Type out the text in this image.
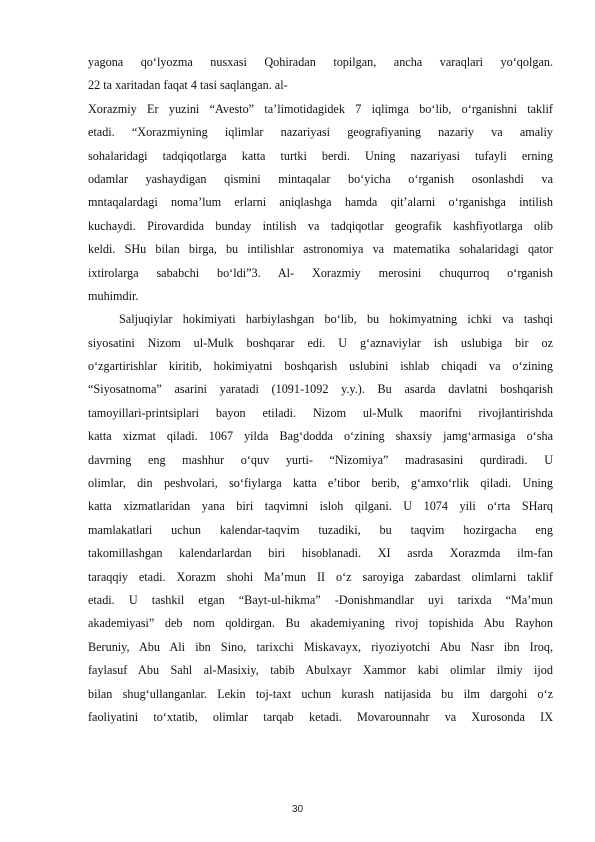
yagona qo‘lyozma nusxasi Qohiradan topilgan, ancha varaqlari yo‘qolgan.
22 ta xaritadan faqat 4 tasi saqlangan. al-
Xorazmiy Er yuzini “Avesto” ta’limotidagidek 7 iqlimga bo‘lib, o‘rganishni taklif
etadi. “Xorazmiyning iqlimlar nazariyasi geografiyaning nazariy va amaliy
sohalaridagi tadqiqotlarga katta turtki berdi. Uning nazariyasi tufayli erning
odamlar yashaydigan qismini mintaqalar bo‘yicha o‘rganish osonlashdi va
mntaqalardagi noma’lum erlarni aniqlashga hamda qit’alarni o‘rganishga intilish
kuchaydi. Pirovardida bunday intilish va tadqiqotlar geografik kashfiyotlarga olib
keldi. SHu bilan birga, bu intilishlar astronomiya va matematika sohalaridagi qator
ixtirolarga sababchi bo‘ldi”3. Al- Xorazmiy merosini chuqurroq o‘rganish
muhimdir.
Saljuqiylar hokimiyati harbiylashgan bo‘lib, bu hokimyatning ichki va tashqi
siyosatini Nizom ul-Mulk boshqarar edi. U g‘aznaviylar ish uslubiga bir oz
o‘zgartirishlar kiritib, hokimiyatni boshqarish uslubini ishlab chiqadi va o‘zining
“Siyosatnoma” asarini yaratadi (1091-1092 y.y.). Bu asarda davlatni boshqarish
tamoyillari-printsiplari bayon etiladi. Nizom ul-Mulk maorifni rivojlantirishda
katta xizmat qiladi. 1067 yilda Bag‘dodda o‘zining shaxsiy jamg‘armasiga o‘sha
davrning eng mashhur o‘quv yurti- “Nizomiya” madrasasini qurdiradi. U
olimlar, din peshvolari, so‘fiylarga katta e’tibor berib, g‘amxo‘rlik qiladi. Uning
katta xizmatlaridan yana biri taqvimni isloh qilgani. U 1074 yili o‘rta SHarq
mamlakatlari uchun kalendar-taqvim tuzadiki, bu taqvim hozirgacha eng
takomillashgan kalendarlardan biri hisoblanadi. XI asrda Xorazmda ilm-fan
taraqqiy etadi. Xorazm shohi Ma’mun II o‘z saroyiga zabardast olimlarni taklif
etadi. U tashkil etgan “Bayt-ul-hikma” -Donishmandlar uyi tarixda “Ma’mun
akademiyasi” deb nom qoldirgan. Bu akademiyaning rivoj topishida Abu Rayhon
Beruniy, Abu Ali ibn Sino, tarixchi Miskavayx, riyoziyotchi Abu Nasr ibn Iroq,
faylasuf Abu Sahl al-Masixiy, tabib Abulxayr Xammor kabi olimlar ilmiy ijod
bilan shug‘ullanganlar. Lekin toj-taxt uchun kurash natijasida bu ilm dargohi o‘z
faoliyatini to‘xtatib, olimlar tarqab ketadi. Movarounnahr va Xurosonda IX
30
